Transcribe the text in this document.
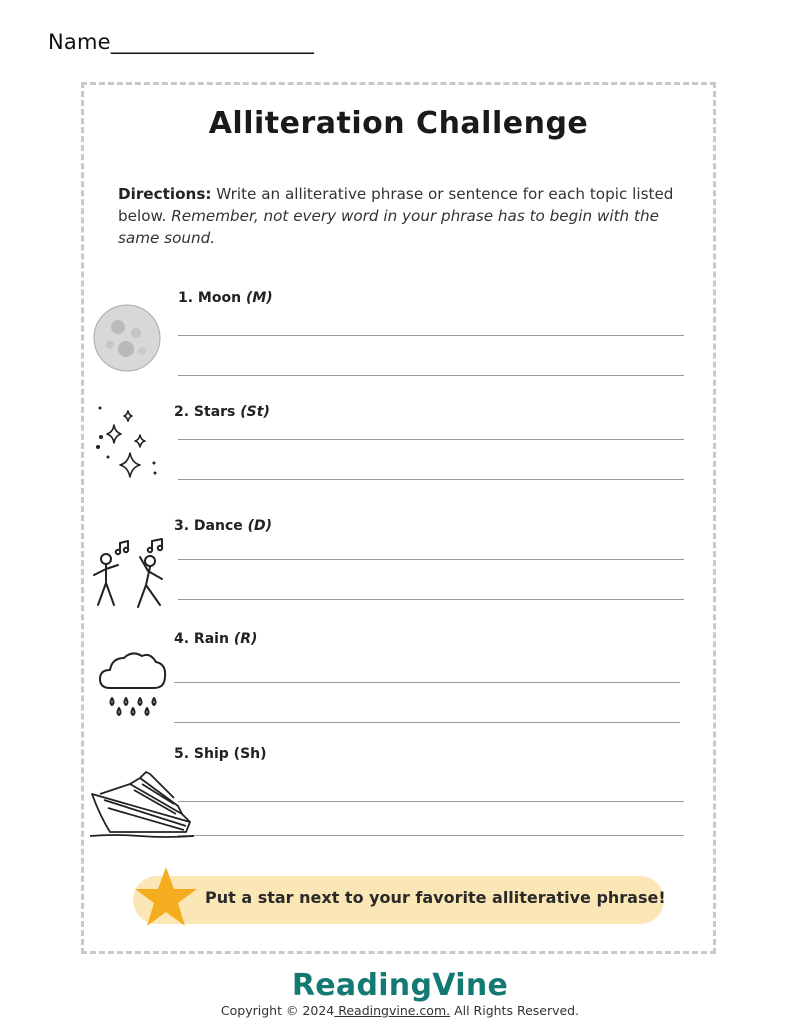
Name___________________
Alliteration Challenge
Directions: Write an alliterative phrase or sentence for each topic listed below. Remember, not every word in your phrase has to begin with the same sound.
1. Moon (M)
2. Stars (St)
3. Dance (D)
4. Rain (R)
5. Ship (Sh)
Put a star next to your favorite alliterative phrase!
ReadingVine
Copyright © 2024 Readingvine.com. All Rights Reserved.
